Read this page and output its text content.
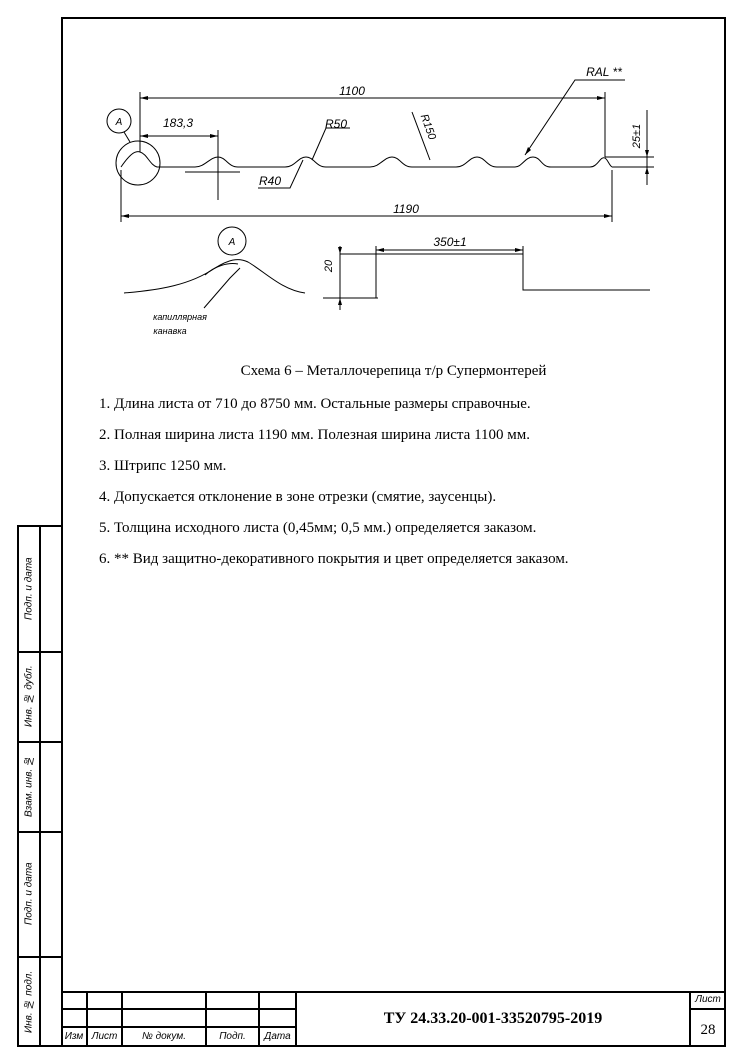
Подп. и дата
Инв. № дубл.
Взам. инв. №
Подп. и дата
Инв. № подл.
1100
183,3	R50
R40
R150
1190
25±1
RAL **
A
A
капиллярная
канавка
350±1
20
Схема 6 – Металлочерепица т/р Супермонтерей
1. Длина листа от 710 до 8750 мм. Остальные размеры справочные.
2. Полная ширина листа 1190 мм. Полезная ширина листа 1100 мм.
3. Штрипс 1250 мм.
4. Допускается отклонение в зоне отрезки (смятие, заусенцы).
5. Толщина исходного листа (0,45мм; 0,5 мм.) определяется заказом.
6. ** Вид защитно-декоративного покрытия и цвет определяется заказом.
Изм Лист	№ докум.	Подп.	Дата
ТУ 24.33.20-001-33520795-2019
Лист
28
